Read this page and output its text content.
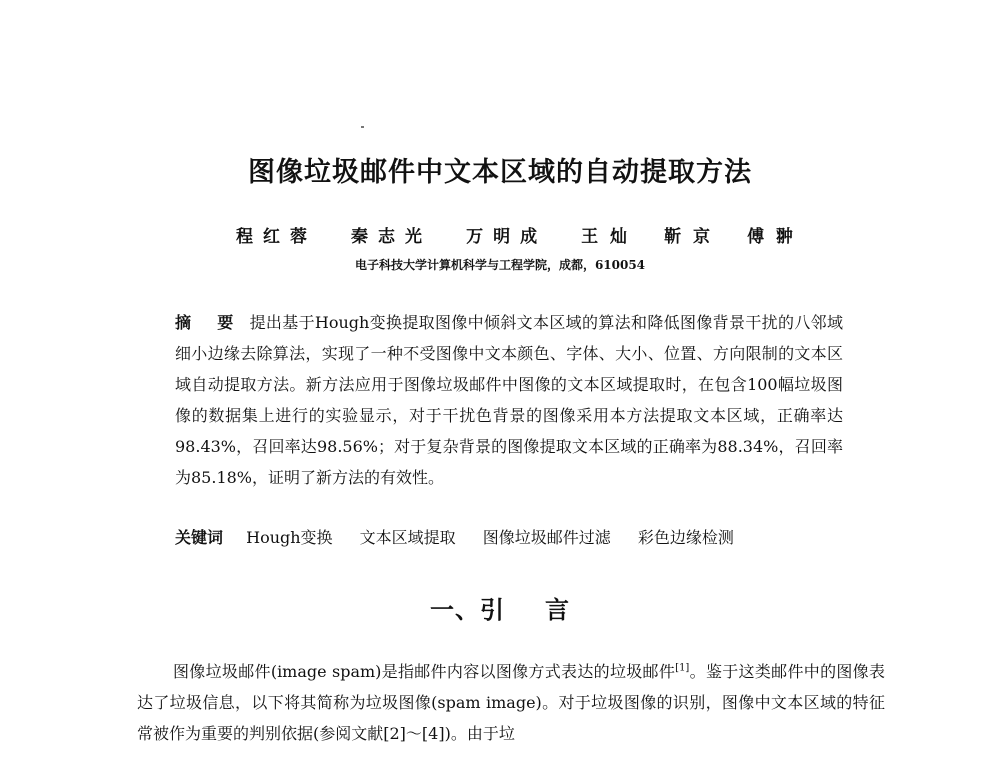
图像垃圾邮件中文本区域的自动提取方法
程红蓉 秦志光 万明成 王 灿 靳 京 傅 翀
电子科技大学计算机科学与工程学院，成都，610054
摘 要 提出基于Hough变换提取图像中倾斜文本区域的算法和降低图像背景干扰的八邻域细小边缘去除算法，实现了一种不受图像中文本颜色、字体、大小、位置、方向限制的文本区域自动提取方法。新方法应用于图像垃圾邮件中图像的文本区域提取时，在包含100幅垃圾图像的数据集上进行的实验显示，对于干扰色背景的图像采用本方法提取文本区域，正确率达98.43%，召回率达98.56%；对于复杂背景的图像提取文本区域的正确率为88.34%，召回率为85.18%，证明了新方法的有效性。
关键词 Hough变换 文本区域提取 图像垃圾邮件过滤 彩色边缘检测
一、引 言
图像垃圾邮件(image spam)是指邮件内容以图像方式表达的垃圾邮件[1]。鉴于这类邮件中的图像表达了垃圾信息，以下将其简称为垃圾图像(spam image)。对于垃圾图像的识别，图像中文本区域的特征常被作为重要的判别依据(参阅文献[2]～[4])。由于垃
